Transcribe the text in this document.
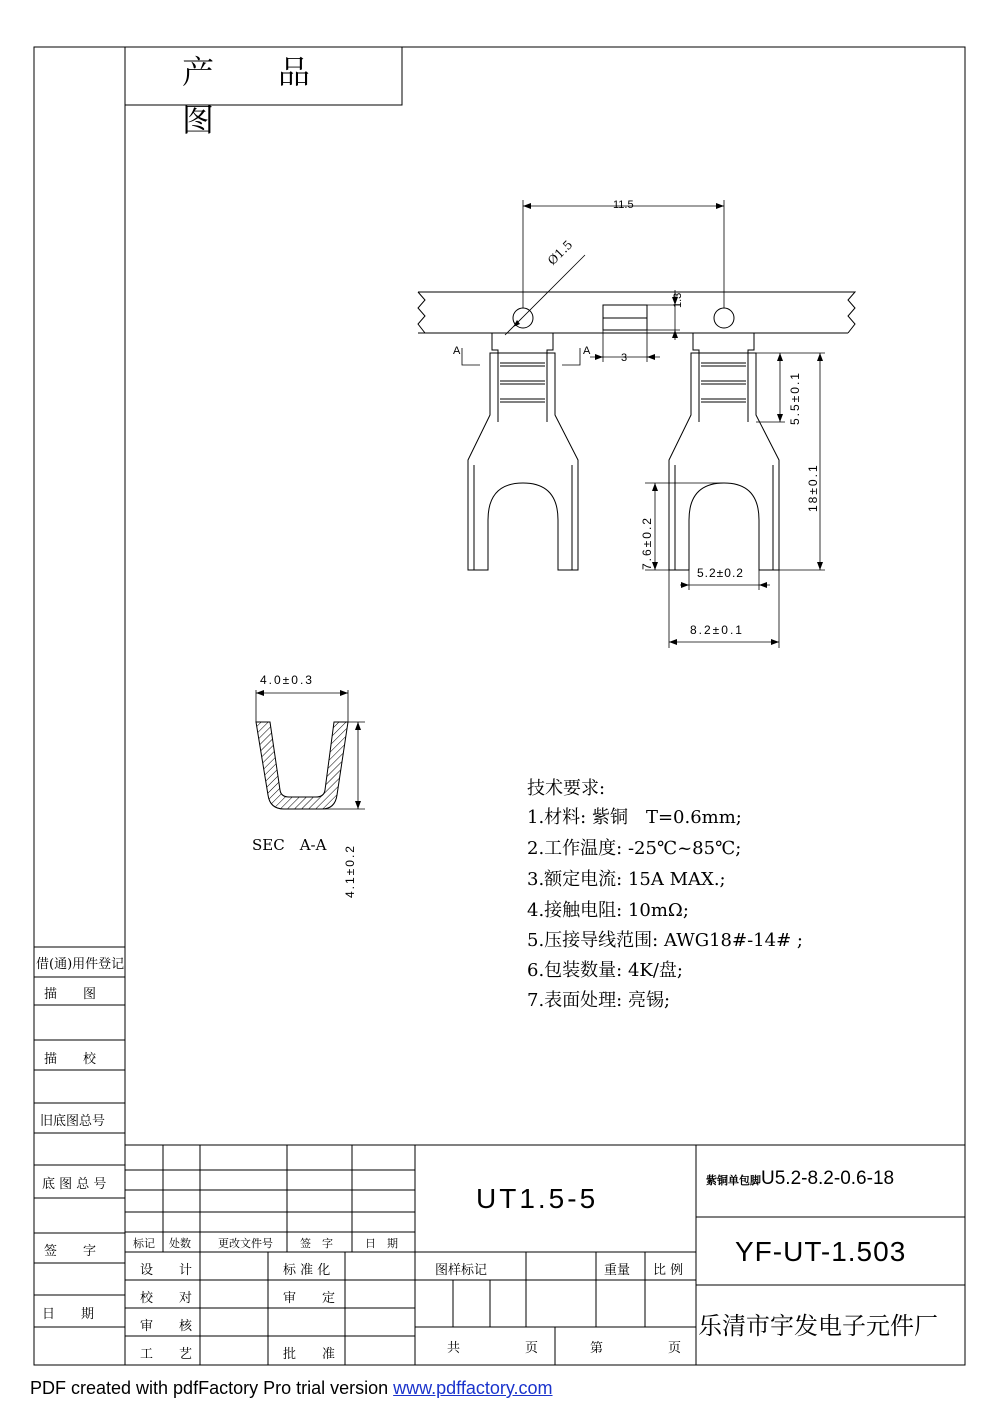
产　　品
图
11.5
Ø1.5
1.3
3
A	A
5.5±0.1
18±0.1
7.6±0.2
5.2±0.2
8.2±0.1
4.0±0.3
4.1±0.2
SEC　A-A
技术要求:
1.材料: 紫铜　T=0.6mm;
2.工作温度: -25℃~85℃;
3.额定电流: 15A MAX.;
4.接触电阻: 10mΩ;
5.压接导线范围: AWG18#-14# ;
6.包装数量: 4K/盘;
7.表面处理: 亮锡;
借(通)用件登记
描　　图
描　　校
旧底图总号
底 图 总 号
签　　字
日　　期
标记 处数 更改文件号 签　字	日　期
设　　计	标 准 化
校　　对	审　　定
审　　核
工　　艺	批　　准
图样标记	重量 比 例
共　　　　　页	第　　　　　页
UT1.5-5
紫铜单包脚U5.2-8.2-0.6-18
YF-UT-1.503
乐清市宇发电子元件厂
PDF created with pdfFactory Pro trial version www.pdffactory.com
